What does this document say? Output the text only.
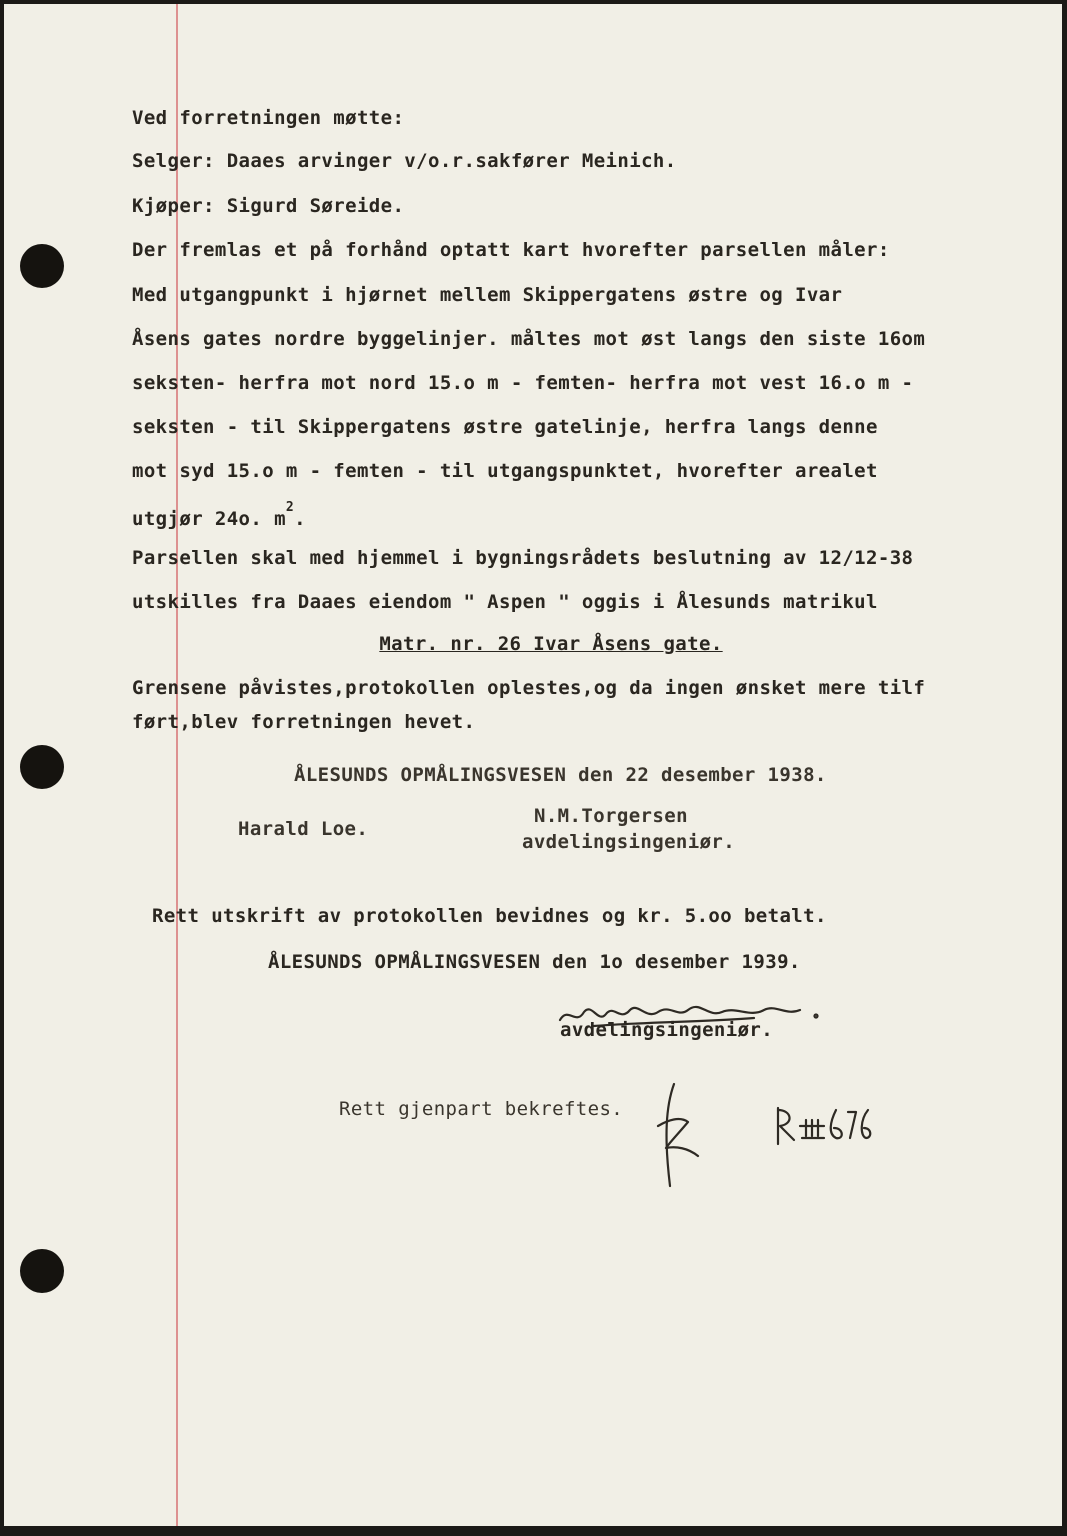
Ved forretningen møtte:
Selger: Daaes arvinger v/o.r.sakfører Meinich.
Kjøper: Sigurd Søreide.
Der fremlas et på forhånd optatt kart hvorefter parsellen måler:
Med utgangpunkt i hjørnet mellem Skippergatens østre og Ivar
Åsens gates nordre byggelinjer. måltes mot øst langs den siste 16om
seksten- herfra mot nord 15.o m - femten- herfra mot vest 16.o m -
seksten - til Skippergatens østre gatelinje, herfra langs denne
mot syd 15.o m - femten - til utgangspunktet, hvorefter arealet
utgjør 24o. $m^2$.
Parsellen skal med hjemmel i bygningsrådets beslutning av 12/12-38
utskilles fra Daaes eiendom " Aspen " oggis i Ålesunds matrikul
Matr. nr. 26 Ivar Åsens gate.
Grensene påvistes,protokollen oplestes,og da ingen ønsket mere tilf
ført,blev forretningen hevet.
ÅLESUNDS OPMÅLINGSVESEN den 22 desember 1938.
Harald Loe.
N.M.Torgersen
avdelingsingeniør.
Rett utskrift av protokollen bevidnes og kr. 5.oo betalt.
ÅLESUNDS OPMÅLINGSVESEN den 1o desember 1939.
avdelingsingeniør.
Rett gjenpart bekreftes.
